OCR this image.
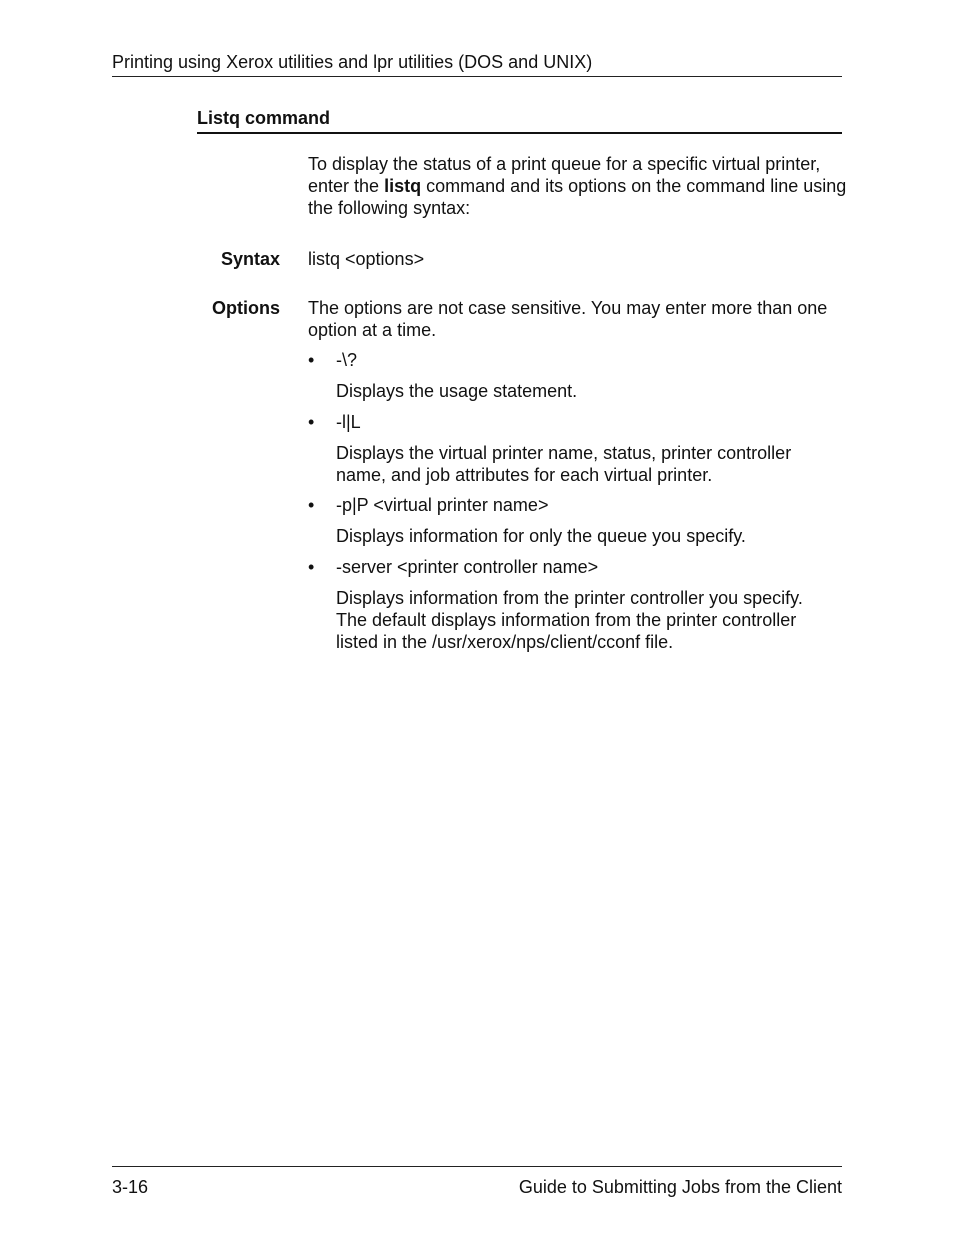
Printing using Xerox utilities and lpr utilities (DOS and UNIX)
Listq command

To display the status of a print queue for a specific virtual printer, enter the listq command and its options on the command line using the following syntax:

Syntax listq <options>
Options The options are not case sensitive. You may enter more than one option at a time.

• -\?

Displays the usage statement.

• -l|L

Displays the virtual printer name, status, printer controller name, and job attributes for each virtual printer.

• -p|P <virtual printer name>

Displays information for only the queue you specify.

• -server <printer controller name>

Displays information from the printer controller you specify. The default displays information from the printer controller listed in the /usr/xerox/nps/client/cconf file.

3-16	Guide to Submitting Jobs from the Client
